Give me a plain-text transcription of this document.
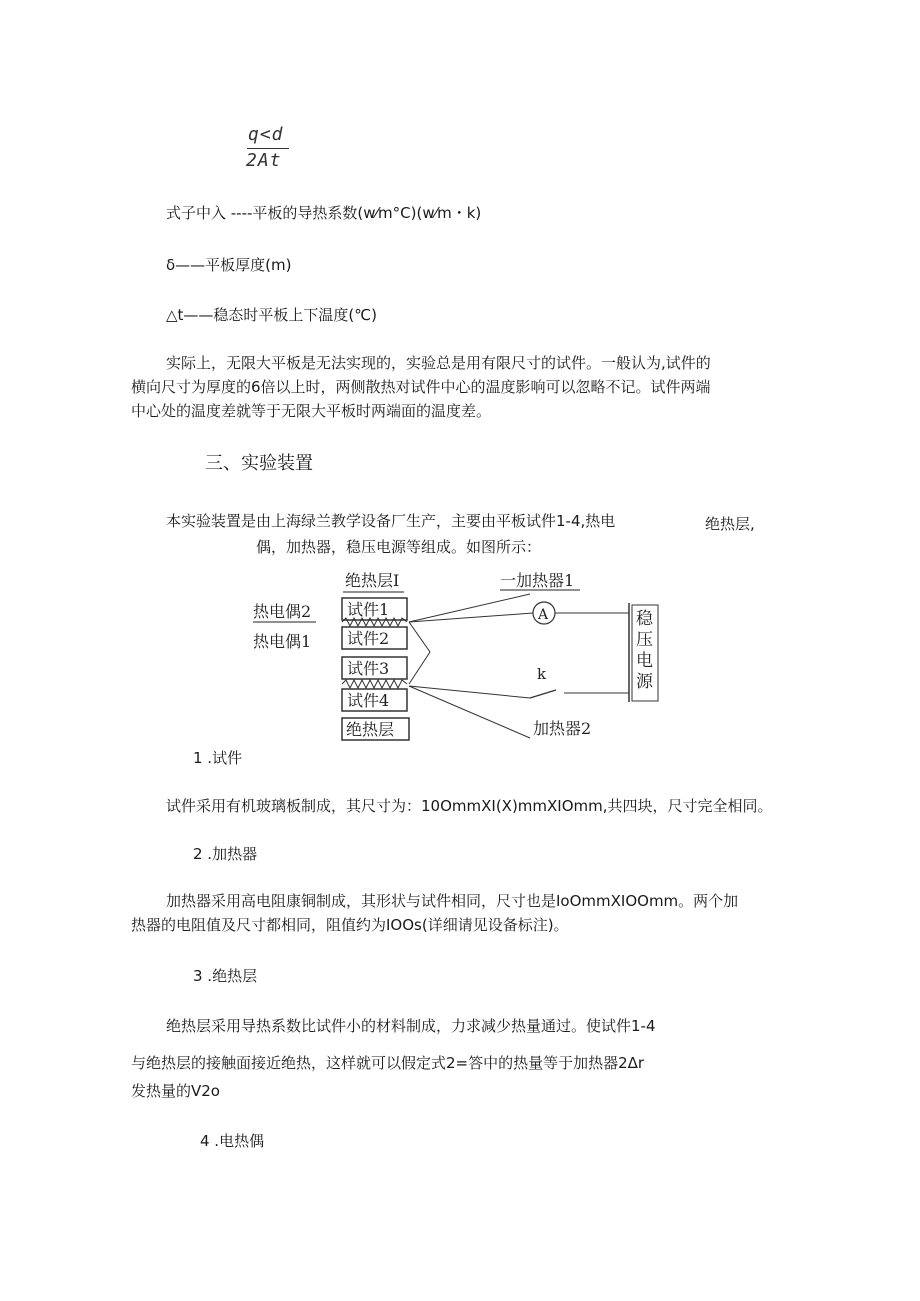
q<d
2At
式子中入 ----平板的导热系数(w⁄m°C)(w⁄m・k)
δ——平板厚度(m)
△t——稳态时平板上下温度(℃)
实际上，无限大平板是无法实现的，实验总是用有限尺寸的试件。一般认为,试件的
横向尺寸为厚度的6倍以上时，两侧散热对试件中心的温度影响可以忽略不记。试件两端
中心处的温度差就等于无限大平板时两端面的温度差。
三、实验装置
本实验装置是由上海绿兰教学设备厂生产，主要由平板试件1-4,热电	绝热层,
偶，加热器，稳压电源等组成。如图所示：
绝热层Ⅰ	一加热器1
热电偶2
热电偶1
试件1
试件2
试件3
试件4
绝热层
A
k
加热器2
稳 压 电 源
1 .试件
试件采用有机玻璃板制成，其尺寸为：10OmmXI(X)mmXIOmm,共四块，尺寸完全相同。
2 .加热器
加热器采用高电阻康铜制成，其形状与试件相同，尺寸也是IoOmmXIOOmm。两个加
热器的电阻值及尺寸都相同，阻值约为IOOs(详细请见设备标注)。
3 .绝热层
绝热层采用导热系数比试件小的材料制成，力求减少热量通过。使试件1-4
与绝热层的接触面接近绝热，这样就可以假定式2=答中的热量等于加热器2Δr
发热量的V2o
4 .电热偶
